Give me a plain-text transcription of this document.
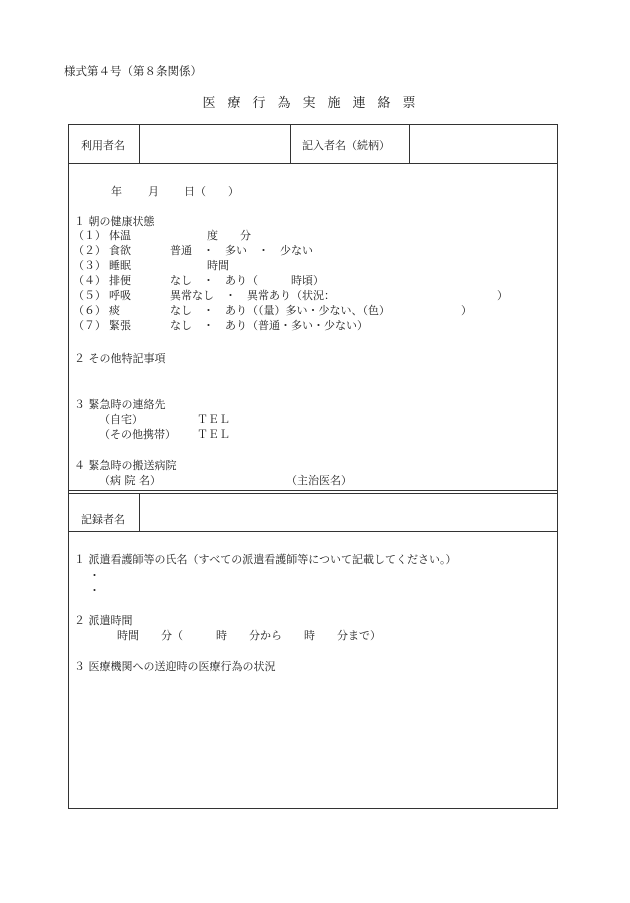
様式第４号（第８条関係）
医療行為実施連絡票
利用者名	記入者名（続柄）
年 月 日（　　）
１ 朝の健康状態
（１） 体温	度　　分
（２） 食欲	普通　・　多い　・　少ない
（３） 睡眠	時間
（４） 排便	なし　・　あり（　　　時頃）
（５） 呼吸	異常なし　・　異常あり（状況：	）
（６） 痰	なし　・　あり（（量）多い・少ない、（色）	）
（７） 緊張	なし　・　あり（普通・多い・少ない）
２ その他特記事項
３ 緊急時の連絡先
（自宅）	ＴＥＬ
（その他携帯） ＴＥＬ
４ 緊急時の搬送病院
（病 院 名）	（主治医名）
記録者名
１ 派遣看護師等の氏名（すべての派遣看護師等について記載してください。）
・
・
２ 派遣時間
時間　　分（　　　時　　分から　　時　　分まで）
３ 医療機関への送迎時の医療行為の状況
